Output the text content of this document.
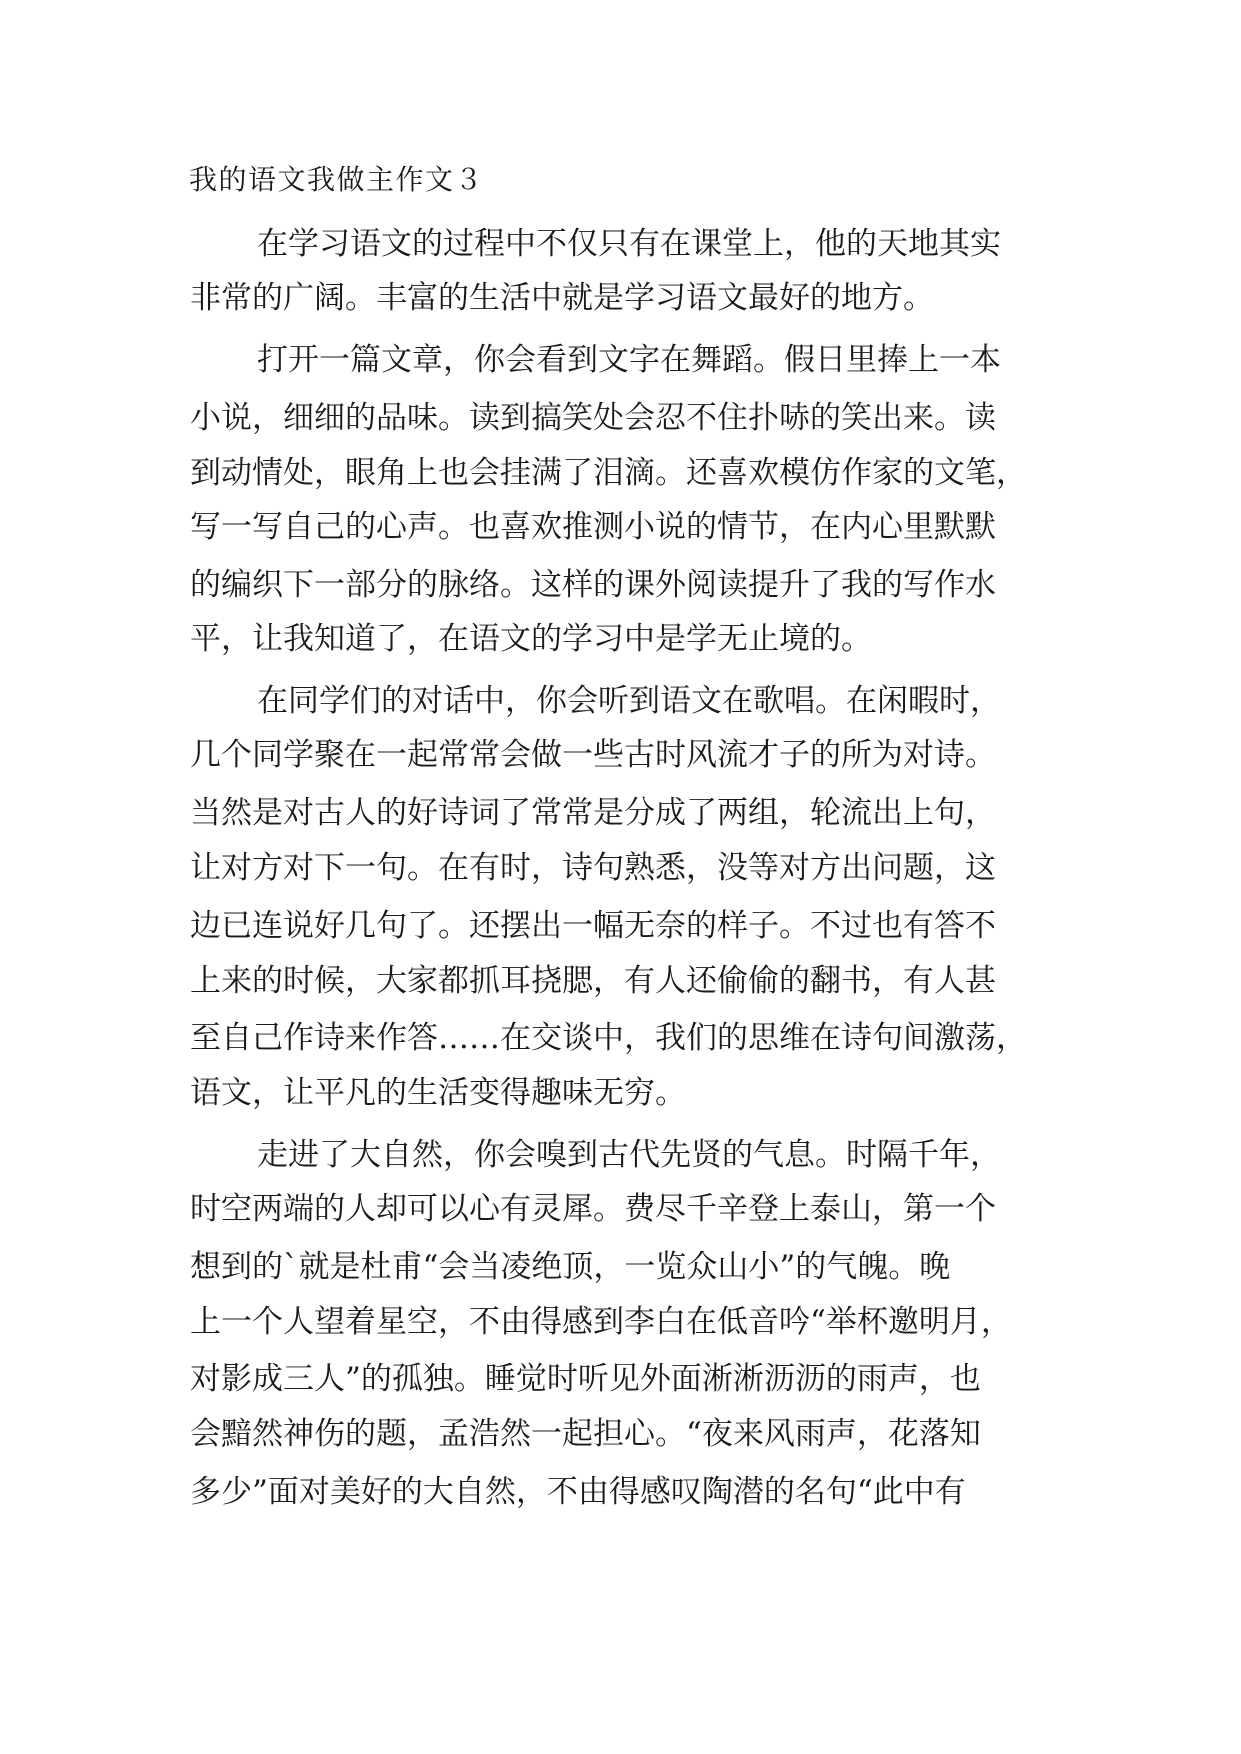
我的语文我做主作文３
在学习语文的过程中不仅只有在课堂上，他的天地其实
非常的广阔。丰富的生活中就是学习语文最好的地方。
打开一篇文章，你会看到文字在舞蹈。假日里捧上一本
小说，细细的品味。读到搞笑处会忍不住扑哧的笑出来。读
到动情处，眼角上也会挂满了泪滴。还喜欢模仿作家的文笔，
写一写自己的心声。也喜欢推测小说的情节，在内心里默默
的编织下一部分的脉络。这样的课外阅读提升了我的写作水
平，让我知道了，在语文的学习中是学无止境的。
在同学们的对话中，你会听到语文在歌唱。在闲暇时，
几个同学聚在一起常常会做一些古时风流才子的所为对诗。
当然是对古人的好诗词了常常是分成了两组，轮流出上句，
让对方对下一句。在有时，诗句熟悉，没等对方出问题，这
边已连说好几句了。还摆出一幅无奈的样子。不过也有答不
上来的时候，大家都抓耳挠腮，有人还偷偷的翻书，有人甚
至自己作诗来作答……在交谈中，我们的思维在诗句间激荡，
语文，让平凡的生活变得趣味无穷。
走进了大自然，你会嗅到古代先贤的气息。时隔千年，
时空两端的人却可以心有灵犀。费尽千辛登上泰山，第一个
想到的`就是杜甫“会当凌绝顶，一览众山小”的气魄。晚
上一个人望着星空，不由得感到李白在低音吟“举杯邀明月，
对影成三人”的孤独。睡觉时听见外面淅淅沥沥的雨声，也
会黯然神伤的题，孟浩然一起担心。“夜来风雨声，花落知
多少”面对美好的大自然，不由得感叹陶潜的名句“此中有
